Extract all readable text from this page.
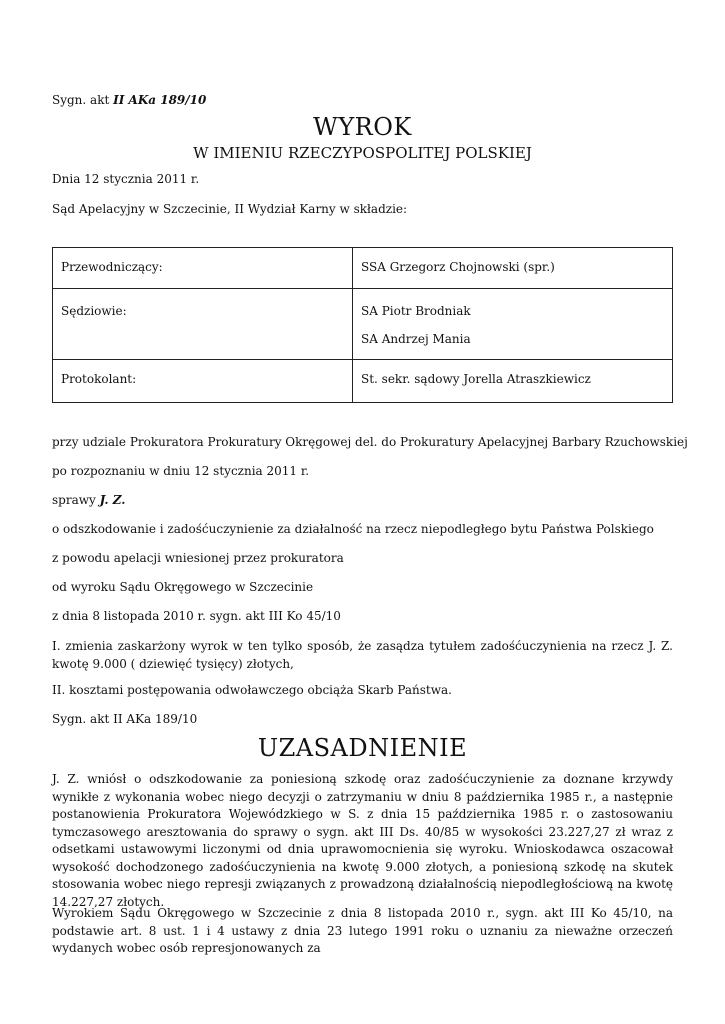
Sygn. akt II AKa 189/10
WYROK
W IMIENIU RZECZYPOSPOLITEJ POLSKIEJ
Dnia 12 stycznia 2011 r.
Sąd Apelacyjny w Szczecinie, II Wydział Karny w składzie:
Przewodniczący:	SSA Grzegorz Chojnowski (spr.)
Sędziowie:	SA Piotr Brodniak
SA Andrzej Mania

Protokolant:	St. sekr. sądowy Jorella Atraszkiewicz
przy udziale Prokuratora Prokuratury Okręgowej del. do Prokuratury Apelacyjnej Barbary Rzuchowskiej
po rozpoznaniu w dniu 12 stycznia 2011 r.
sprawy J. Z.
o odszkodowanie i zadośćuczynienie za działalność na rzecz niepodległego bytu Państwa Polskiego
z powodu apelacji wniesionej przez prokuratora
od wyroku Sądu Okręgowego w Szczecinie
z dnia 8 listopada 2010 r. sygn. akt III Ko 45/10
I. zmienia zaskarżony wyrok w ten tylko sposób, że zasądza tytułem zadośćuczynienia na rzecz J. Z. kwotę 9.000 ( dziewięć tysięcy) złotych,
II. kosztami postępowania odwoławczego obciąża Skarb Państwa.
Sygn. akt II AKa 189/10
UZASADNIENIE
J. Z. wniósł o odszkodowanie za poniesioną szkodę oraz zadośćuczynienie za doznane krzywdy wynikłe z wykonania wobec niego decyzji o zatrzymaniu w dniu 8 października 1985 r., a następnie postanowienia Prokuratora Wojewódzkiego w S. z dnia 15 października 1985 r. o zastosowaniu tymczasowego aresztowania do sprawy o sygn. akt III Ds. 40/85 w wysokości 23.227,27 zł wraz z odsetkami ustawowymi liczonymi od dnia uprawomocnienia się wyroku. Wnioskodawca oszacował wysokość dochodzonego zadośćuczynienia na kwotę 9.000 złotych, a poniesioną szkodę na skutek stosowania wobec niego represji związanych z prowadzoną działalnością niepodległościową na kwotę 14.227,27 złotych.
Wyrokiem Sądu Okręgowego w Szczecinie z dnia 8 listopada 2010 r., sygn. akt III Ko 45/10, na podstawie art. 8 ust. 1 i 4 ustawy z dnia 23 lutego 1991 roku o uznaniu za nieważne orzeczeń wydanych wobec osób represjonowanych za
